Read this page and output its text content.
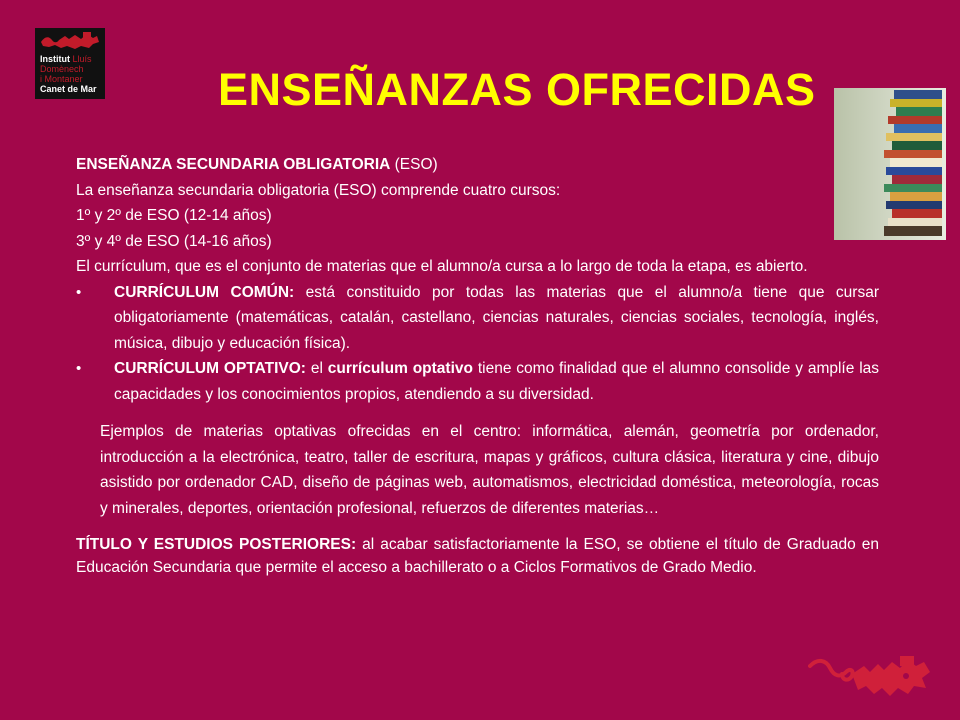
Institut Lluís
Domènech
i Montaner
Canet de Mar	ENSEÑANZAS OFRECIDAS

ENSEÑANZA SECUNDARIA OBLIGATORIA (ESO)

La enseñanza secundaria obligatoria (ESO) comprende cuatro cursos:

1º y 2º de ESO (12-14 años)

3º y 4º de ESO (14-16 años)

El currículum, que es el conjunto de materias que el alumno/a cursa a lo largo de toda la etapa, es abierto.

• CURRÍCULUM COMÚN: está constituido por todas las materias que el alumno/a tiene que cursar obligatoriamente (matemáticas, catalán, castellano, ciencias naturales, ciencias sociales, tecnología, inglés, música, dibujo y educación física).
• CURRÍCULUM OPTATIVO: el currículum optativo tiene como finalidad que el alumno consolide y amplíe las capacidades y los conocimientos propios, atendiendo a su diversidad.

Ejemplos de materias optativas ofrecidas en el centro: informática, alemán, geometría por ordenador, introducción a la electrónica, teatro, taller de escritura, mapas y gráficos, cultura clásica, literatura y cine, dibujo asistido por ordenador CAD, diseño de páginas web, automatismos, electricidad doméstica, meteorología, rocas y minerales, deportes, orientación profesional, refuerzos de diferentes materias…

TÍTULO Y ESTUDIOS POSTERIORES: al acabar satisfactoriamente la ESO, se obtiene el título de Graduado en Educación Secundaria que permite el acceso a bachillerato o a Ciclos Formativos de Grado Medio.
